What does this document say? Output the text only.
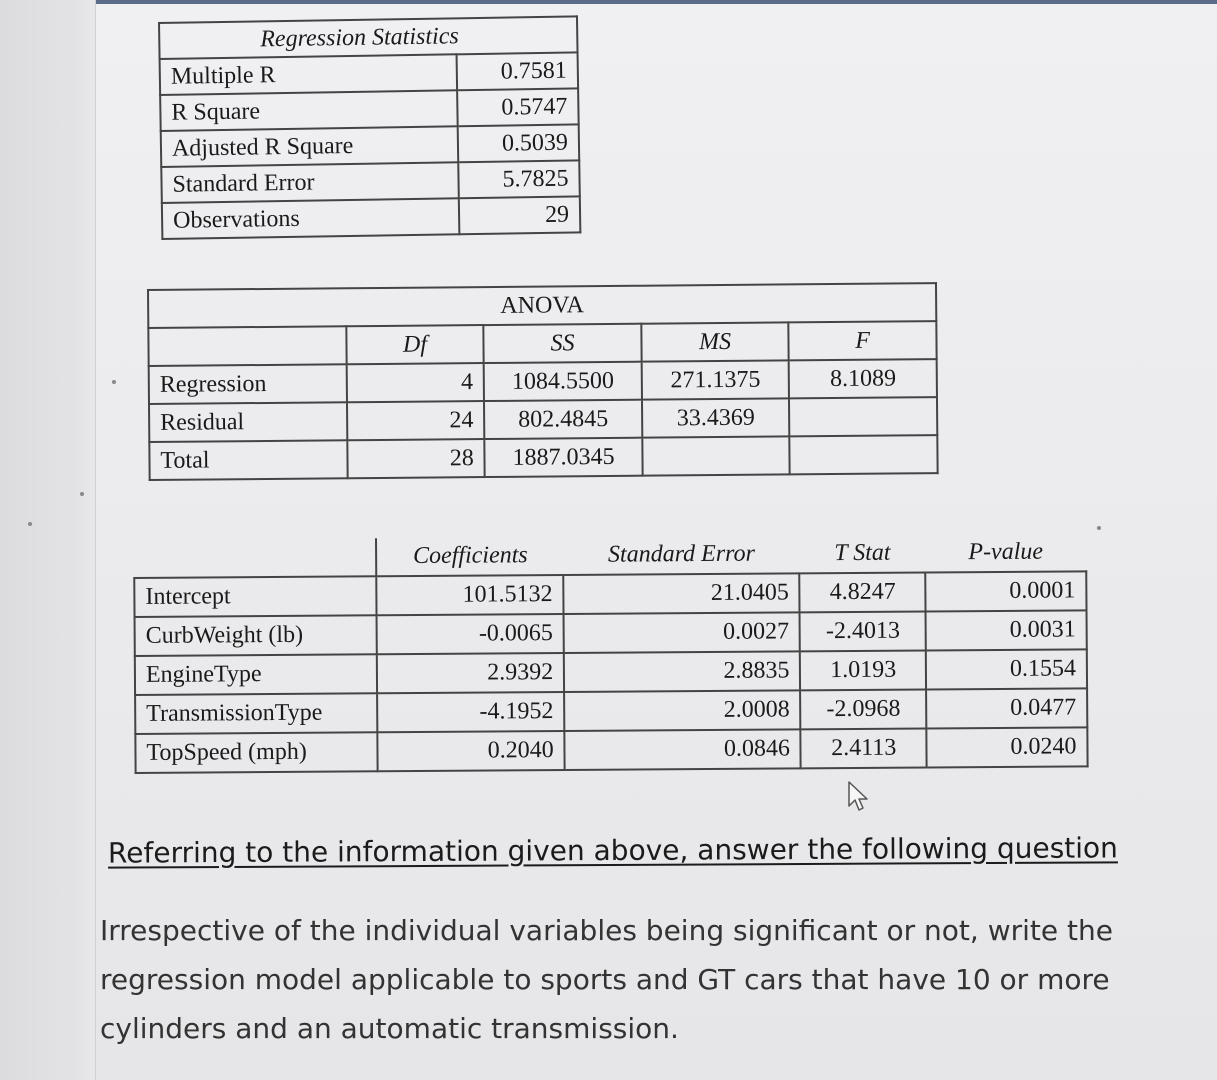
Regression Statistics	
Multiple R	0.7581
R Square	0.5747
Adjusted R Square	0.5039
Standard Error	5.7825
Observations	29
ANOVA				
	Df	SS	MS	F
Regression	4	1084.5500	271.1375	8.1089
Residual	24	802.4845	33.4369	
Total	28	1887.0345		
	Coefficients	Standard Error	T Stat	P-value
Intercept	101.5132	21.0405	4.8247	0.0001
CurbWeight (lb)	-0.0065	0.0027	-2.4013	0.0031
EngineType	2.9392	2.8835	1.0193	0.1554
TransmissionType	-4.1952	2.0008	-2.0968	0.0477
TopSpeed (mph)	0.2040	0.0846	2.4113	0.0240
Referring to the information given above, answer the following question
Irrespective of the individual variables being significant or not, write the regression model applicable to sports and GT cars that have 10 or more cylinders and an automatic transmission.
